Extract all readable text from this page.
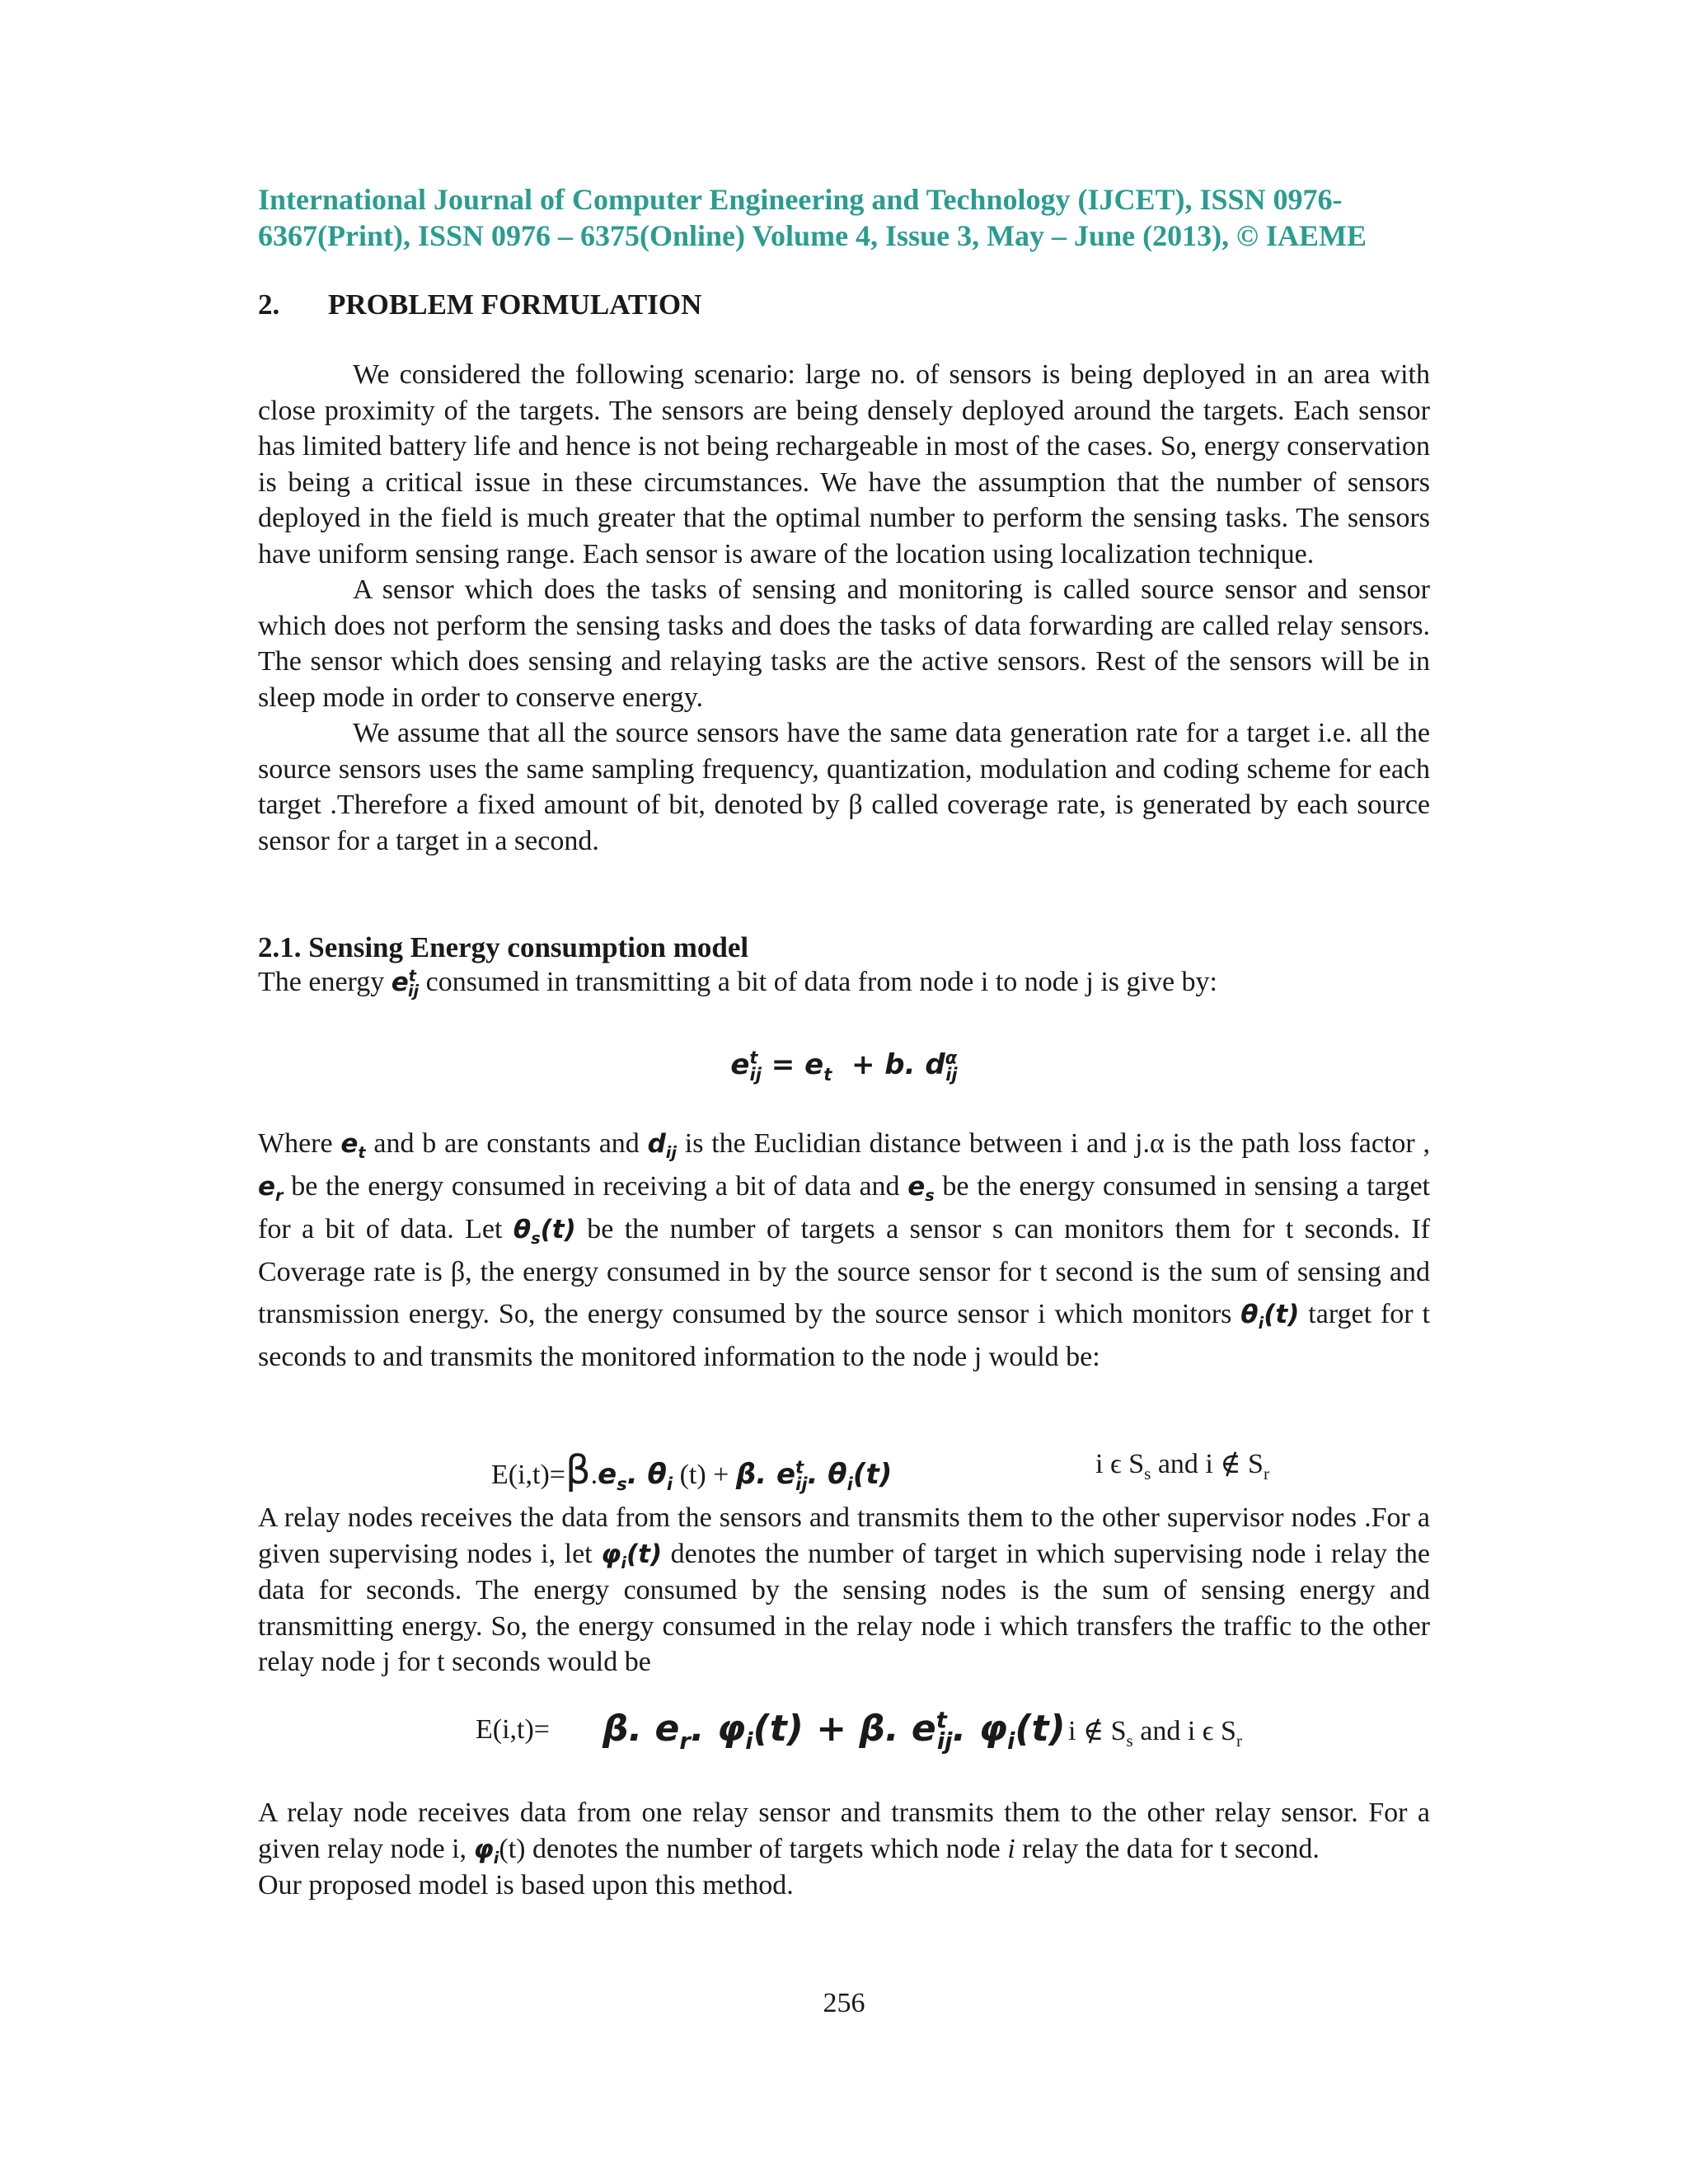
International Journal of Computer Engineering and Technology (IJCET), ISSN 0976-
6367(Print), ISSN 0976 – 6375(Online) Volume 4, Issue 3, May – June (2013), © IAEME
2. PROBLEM FORMULATION

We considered the following scenario: large no. of sensors is being deployed in an area with close proximity of the targets. The sensors are being densely deployed around the targets. Each sensor has limited battery life and hence is not being rechargeable in most of the cases. So, energy conservation is being a critical issue in these circumstances. We have the assumption that the number of sensors deployed in the field is much greater that the optimal number to perform the sensing tasks. The sensors have uniform sensing range. Each sensor is aware of the location using localization technique.

A sensor which does the tasks of sensing and monitoring is called source sensor and sensor which does not perform the sensing tasks and does the tasks of data forwarding are called relay sensors. The sensor which does sensing and relaying tasks are the active sensors. Rest of the sensors will be in sleep mode in order to conserve energy.

We assume that all the source sensors have the same data generation rate for a target i.e. all the source sensors uses the same sampling frequency, quantization, modulation and coding scheme for each target .Therefore a fixed amount of bit, denoted by β called coverage rate, is generated by each source sensor for a target in a second.

2.1. Sensing Energy consumption model
The energy $e^t_{ij}$ consumed in transmitting a bit of data from node i to node j is give by:
$e^t_{ij} = e_t + b$. $d^\alpha_{ij}$

Where $e_t$ and b are constants and $d_{ij}$ is the Euclidian distance between i and j.α is the path loss factor , $e_r$ be the energy consumed in receiving a bit of data and $e_s$ be the energy consumed in sensing a target for a bit of data. Let $\theta_s(t)$ be the number of targets a sensor s can monitors them for t seconds. If Coverage rate is β, the energy consumed in by the source sensor for t second is the sum of sensing and transmission energy. So, the energy consumed by the source sensor i which monitors $\theta_i(t)$ target for t seconds to and transmits the monitored information to the node j would be:

$E(i,t)=\beta.e_s$. $\theta_i$ (t) + β. $e^t_{ij}$. $\theta_i(t)$	i ϵ $S_s$ and i ∉ $S_r$

A relay nodes receives the data from the sensors and transmits them to the other supervisor nodes .For a given supervising nodes i, let $\varphi_i(t)$ denotes the number of target in which supervising node i relay the data for seconds. The energy consumed by the sensing nodes is the sum of sensing energy and transmitting energy. So, the energy consumed in the relay node i which transfers the traffic to the other relay node j for t seconds would be

E(i,t)= β. $e_r$. $\varphi_i(t) + \beta$. $e^t_{ij}$. $\varphi_i(t)$ i ∉ $S_s$ and i ϵ $S_r$

A relay node receives data from one relay sensor and transmits them to the other relay sensor. For a given relay node i, $\varphi_i(t)$ denotes the number of targets which node i relay the data for t second.

Our proposed model is based upon this method.

256
